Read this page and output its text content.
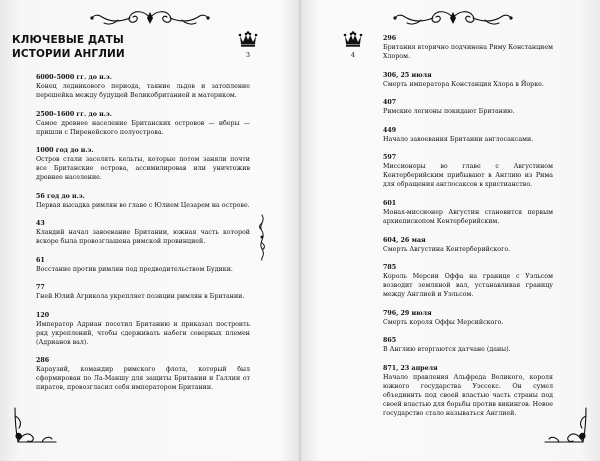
КЛЮЧЕВЫЕ ДАТЫ
ИСТОРИИ АНГЛИИ	3

6000–5000 гг. до н.э.

Конец ледникового периода, таяние льдов и затопление перешейка между будущей Великобританией и материком.

2500–1600 гг. до н.э.

Самое древнее население Британских островов — иберы — пришли с Пиренейского полуострова.

1000 год до н.э.

Остров стали заселять кельты, которые потом заняли почти все Британские острова, ассимилировав или уничтожив древнее население.

56 год до н.э.

Первая высадка римлян во главе с Юлием Цезарем на острове.

43

Клавдий начал завоевание Британии, южная часть которой вскоре была провозглашена римской провинцией.

61

Восстание против римлян под предводительством Будики.

77

Гней Юлий Агрикола укрепляет позиции римлян в Британии.

120

Император Адриан посетил Британию и приказал построить ряд укреплений, чтобы сдерживать набеги северных племен (Адрианов вал).

286

Караузий, командир римского флота, который был сформирован по Ла-Маншу для защиты Британии и Галлии от пиратов, провозгласил себя императором Британии.

4

296

Британия вторично подчинена Риму Констанцием Хлором.

306, 25 июля

Смерть императора Констанция Хлора в Йорке.

407

Римские легионы покидают Британию.

449

Начало завоевания Британии англосаксами.

597

Миссионеры во главе с Августином Кентерберийским прибывают в Англию из Рима для обращения англосаксов в христианство.

601

Монах-миссионер Августин становится первым архиепископом Кентерберийским.

604, 26 мая

Смерть Августина Кентерберийского.

785

Король Мерсии Оффа на границе с Уэльсом возводит земляной вал, устанавливая границу между Англией и Уэльсом.

796, 29 июля

Смерть короля Оффы Мерсийского.

865

В Англию вторгаются датчане (даны).

871, 23 апреля

Начало правления Альфреда Великого, короля южного государства Уэссекс. Он сумел объединить под своей властью часть страны под своей властью для борьбы против викингов. Новое государство стало называться Англией.
